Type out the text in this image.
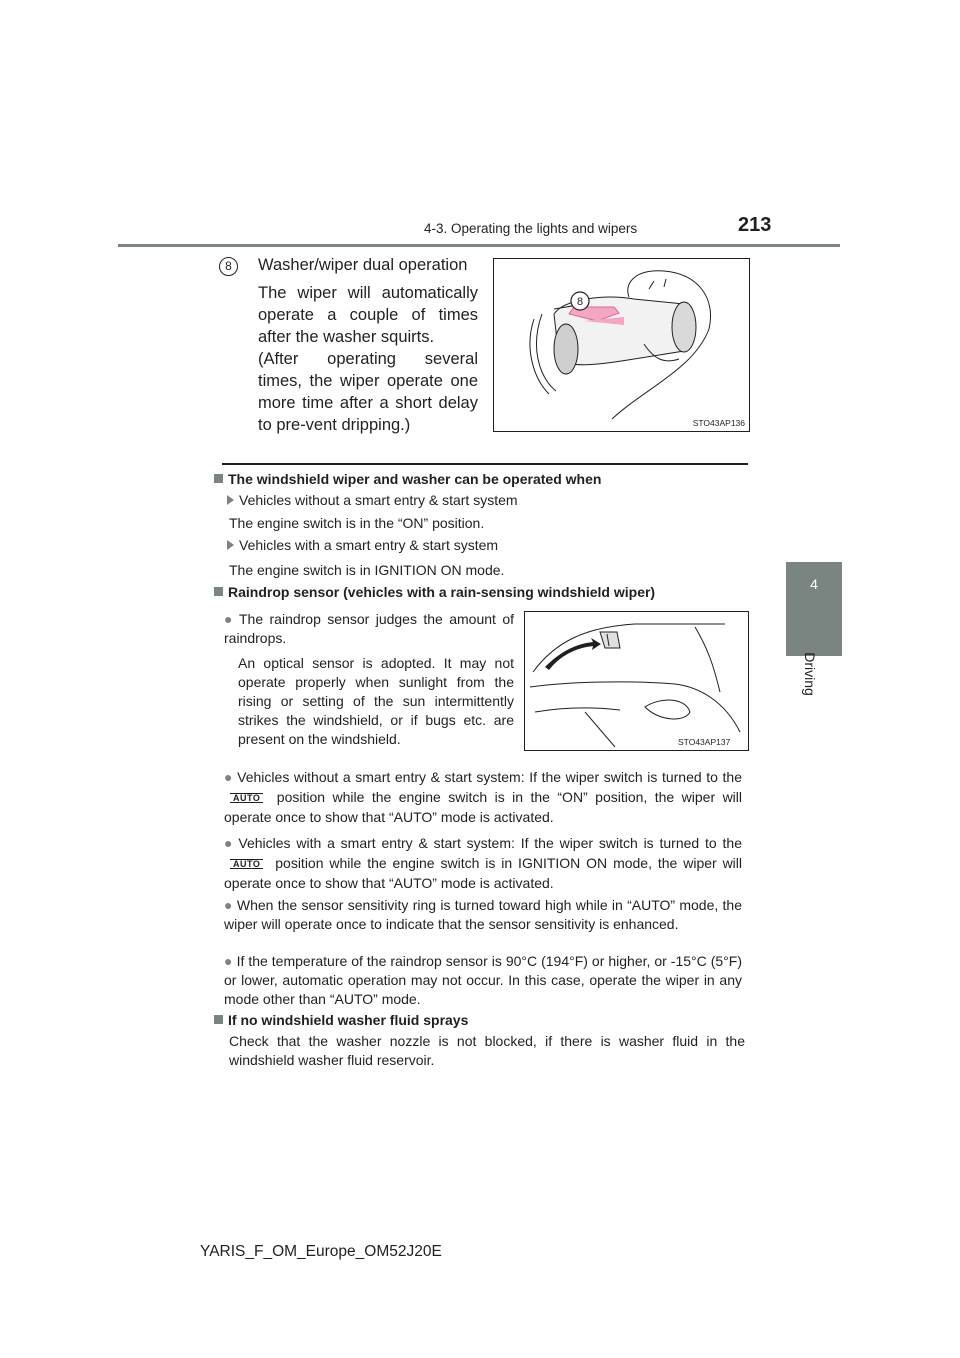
4-3. Operating the lights and wipers	213
4
Driving
8	Washer/wiper dual operation
The wiper will automatically operate a couple of times after the washer squirts.
(After operating several times, the wiper operate one more time after a short delay to pre-vent dripping.)
8
STO43AP136
The windshield wiper and washer can be operated when
Vehicles without a smart entry & start system
The engine switch is in the “ON” position.
Vehicles with a smart entry & start system
The engine switch is in IGNITION ON mode.
Raindrop sensor (vehicles with a rain-sensing windshield wiper)
● The raindrop sensor judges the amount of raindrops.
An optical sensor is adopted. It may not operate properly when sunlight from the rising or setting of the sun intermittently strikes the windshield, or if bugs etc. are present on the windshield.	STO43AP137
● Vehicles without a smart entry & start system: If the wiper switch is turned to the AUTO position while the engine switch is in the “ON” position, the wiper will operate once to show that “AUTO” mode is activated.
● Vehicles with a smart entry & start system: If the wiper switch is turned to the AUTO position while the engine switch is in IGNITION ON mode, the wiper will operate once to show that “AUTO” mode is activated.
● When the sensor sensitivity ring is turned toward high while in “AUTO” mode, the wiper will operate once to indicate that the sensor sensitivity is enhanced.
● If the temperature of the raindrop sensor is 90°C (194°F) or higher, or -15°C (5°F) or lower, automatic operation may not occur. In this case, operate the wiper in any mode other than “AUTO” mode.
If no windshield washer fluid sprays
Check that the washer nozzle is not blocked, if there is washer fluid in the windshield washer fluid reservoir.
YARIS_F_OM_Europe_OM52J20E
